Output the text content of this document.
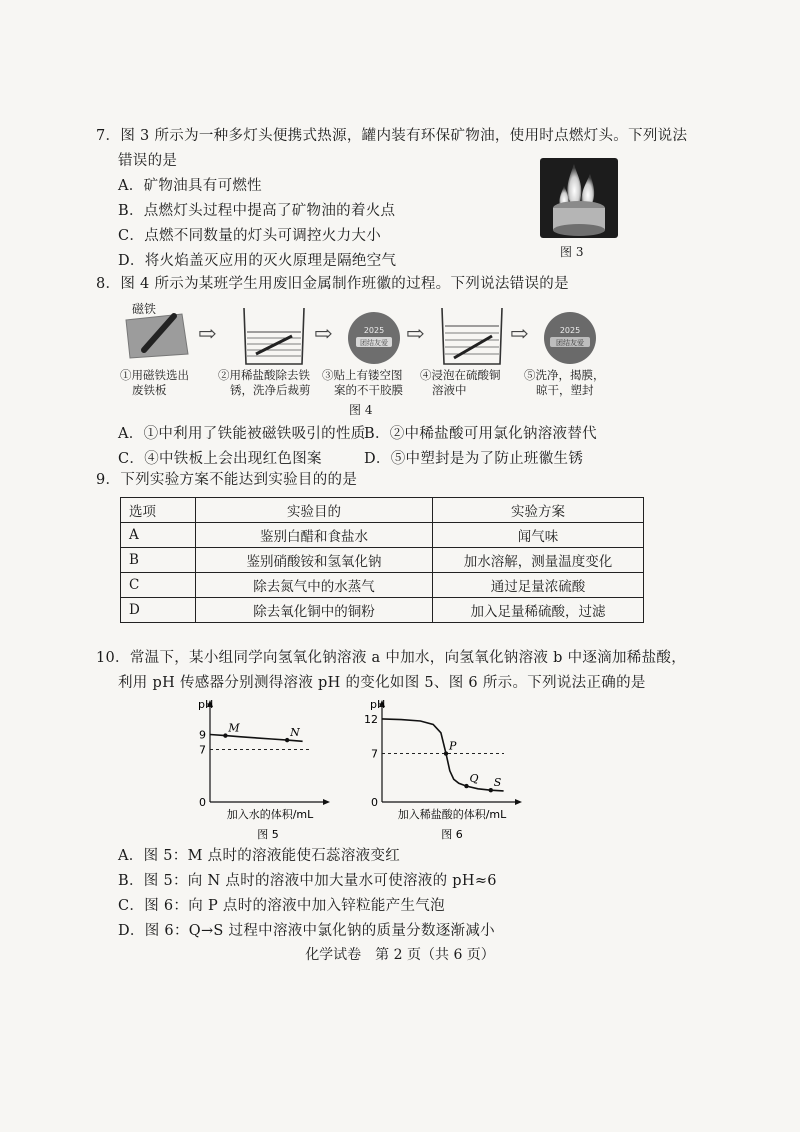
7．图 3 所示为一种多灯头便携式热源，罐内装有环保矿物油，使用时点燃灯头。下列说法
错误的是
A．矿物油具有可燃性
B．点燃灯头过程中提高了矿物油的着火点
C．点燃不同数量的灯头可调控火力大小
D．将火焰盖灭应用的灭火原理是隔绝空气
图 3
8．图 4 所示为某班学生用废旧金属制作班徽的过程。下列说法错误的是
磁铁
⇨	⇨	2025
团结友爱 ⇨	⇨	2025
团结友爱
①用磁铁选出
废铁板
②用稀盐酸除去铁
锈，洗净后裁剪
③贴上有镂空图
案的不干胶膜
④浸泡在硫酸铜
溶液中
⑤洗净，揭膜，
晾干，塑封
图 4
A．①中利用了铁能被磁铁吸引的性质
B．②中稀盐酸可用氯化钠溶液替代
C．④中铁板上会出现红色图案	D．⑤中塑封是为了防止班徽生锈
9．下列实验方案不能达到实验目的的是
选项	实验目的	实验方案
A	鉴别白醋和食盐水	闻气味
B	鉴别硝酸铵和氢氧化钠	加水溶解，测量温度变化
C	除去氮气中的水蒸气	通过足量浓硫酸
D	除去氧化铜中的铜粉	加入足量稀硫酸，过滤
10．常温下，某小组同学向氢氧化钠溶液 a 中加水，向氢氧化钠溶液 b 中逐滴加稀盐酸，
利用 pH 传感器分别测得溶液 pH 的变化如图 5、图 6 所示。下列说法正确的是
pH
0
7
9
M	N
加入水的体积/mL
图 5
pH
0
7
12
P
Q S
加入稀盐酸的体积/mL
图 6
A．图 5：M 点时的溶液能使石蕊溶液变红
B．图 5：向 N 点时的溶液中加大量水可使溶液的 pH≈6
C．图 6：向 P 点时的溶液中加入锌粒能产生气泡
D．图 6：Q→S 过程中溶液中氯化钠的质量分数逐渐减小
化学试卷　第 2 页（共 6 页）
